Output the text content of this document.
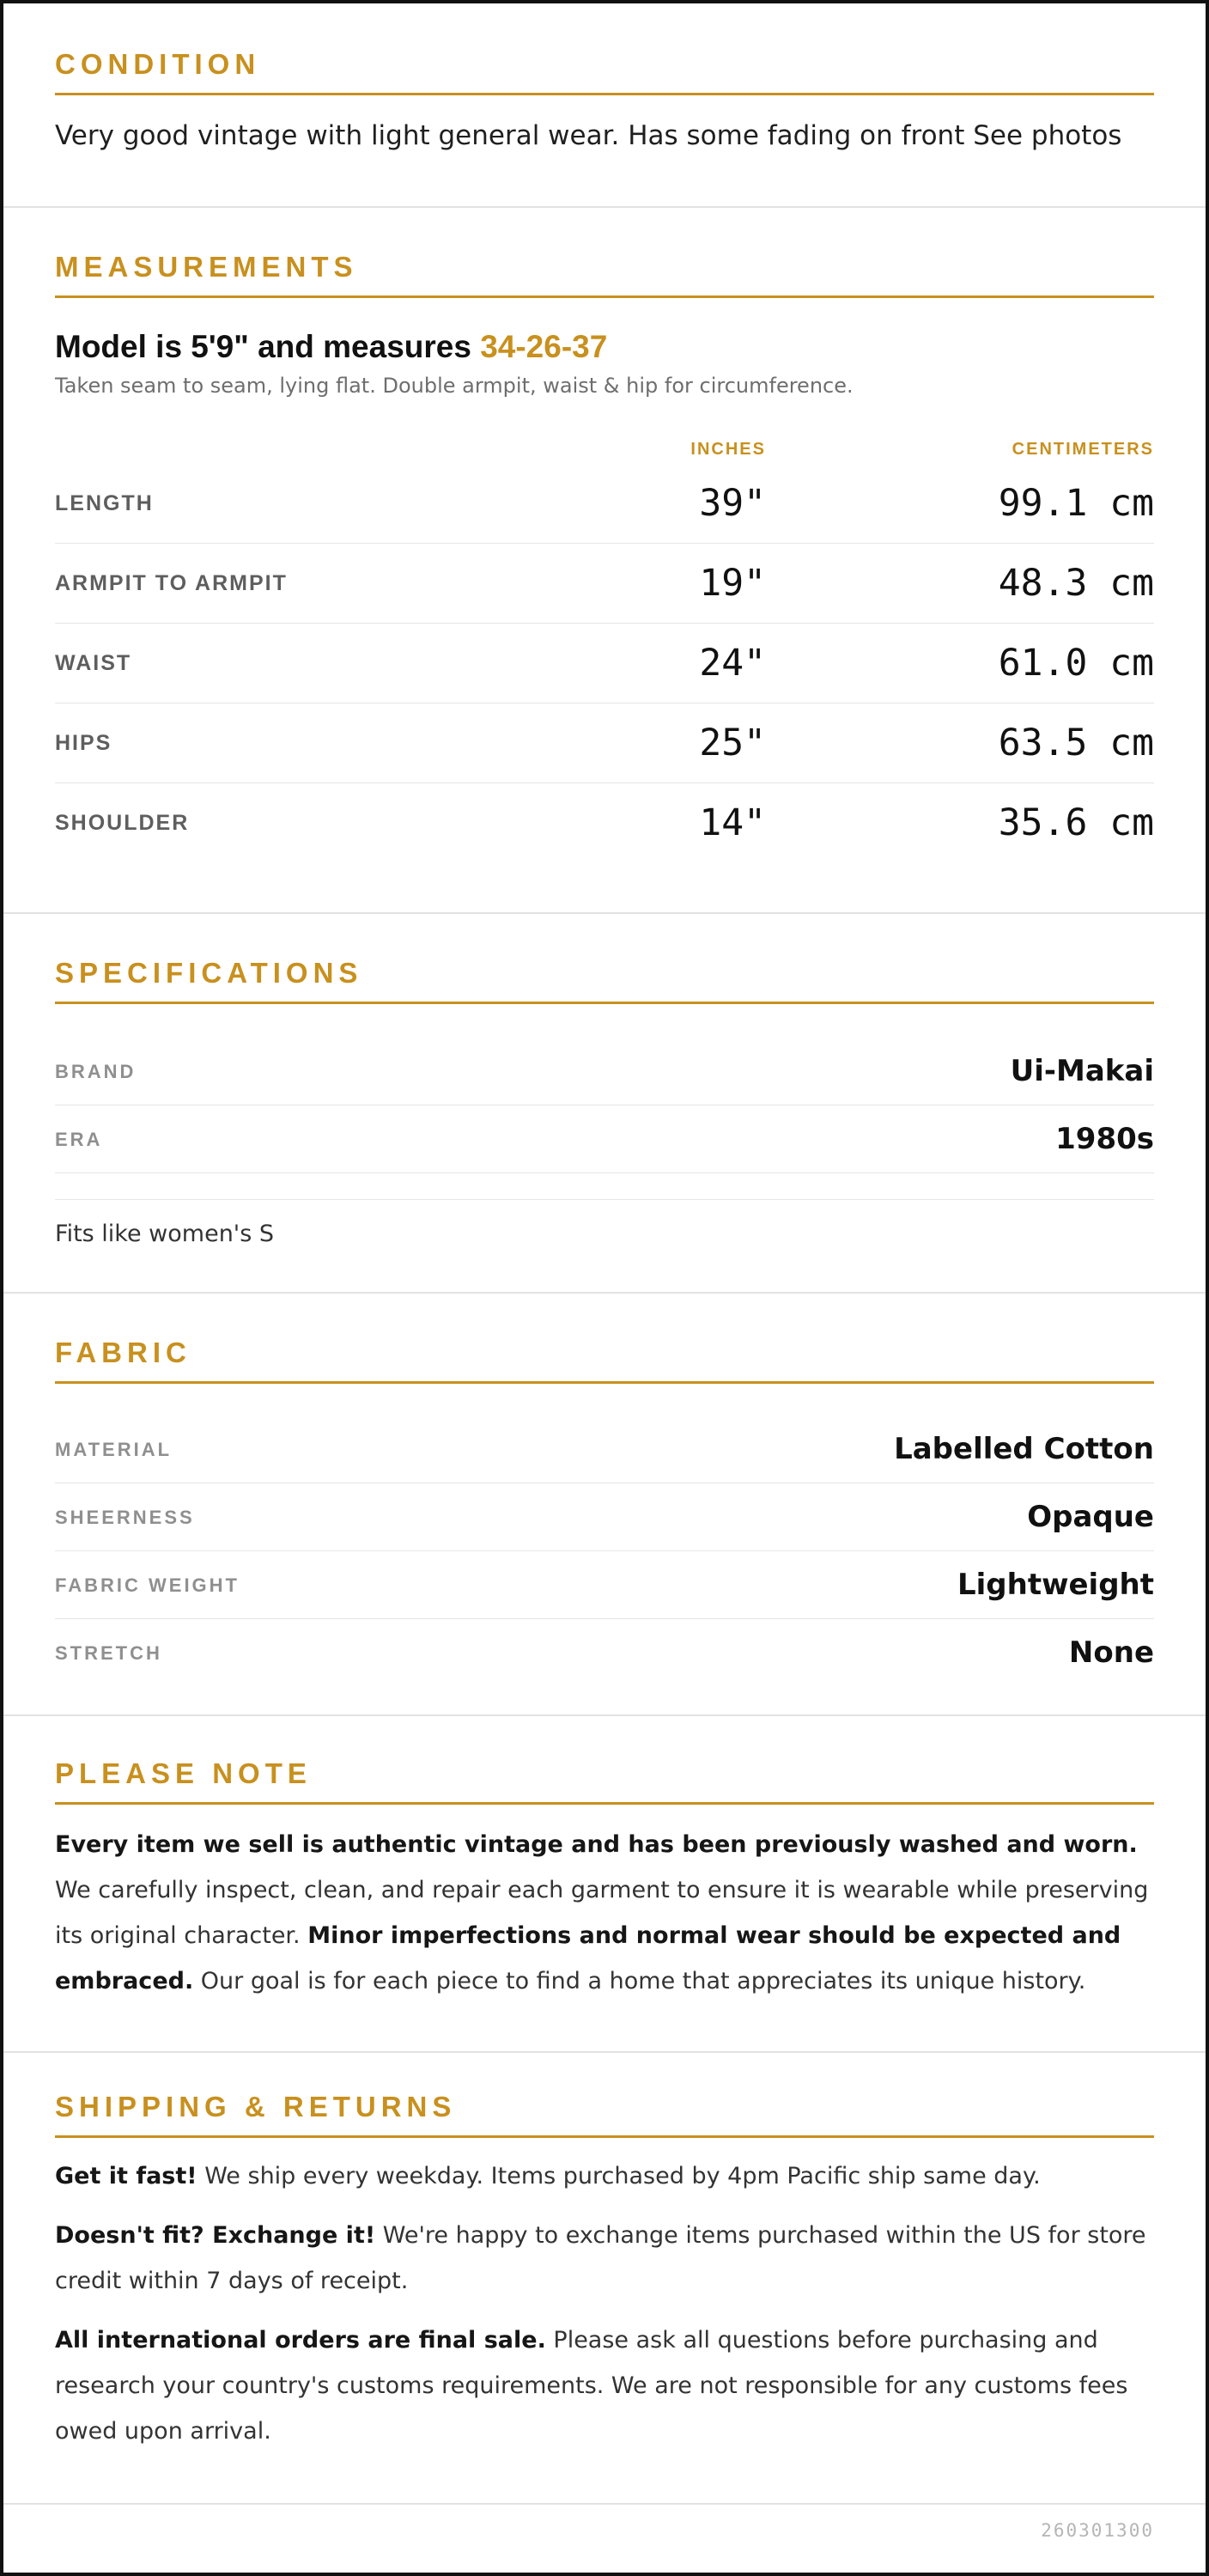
CONDITION
Very good vintage with light general wear. Has some fading on front See photos
MEASUREMENTS
Model is 5'9" and measures 34-26-37
Taken seam to seam, lying flat. Double armpit, waist & hip for circumference.
INCHES	CENTIMETERS
LENGTH	39"	99.1 cm
ARMPIT TO ARMPIT	19"	48.3 cm
WAIST	24"	61.0 cm
HIPS	25"	63.5 cm
SHOULDER	14"	35.6 cm
SPECIFICATIONS
BRAND	Ui-Makai
ERA	1980s
Fits like women's S
FABRIC
MATERIAL	Labelled Cotton
SHEERNESS	Opaque
FABRIC WEIGHT	Lightweight
STRETCH	None
PLEASE NOTE
Every item we sell is authentic vintage and has been previously washed and worn. We carefully inspect, clean, and repair each garment to ensure it is wearable while preserving its original character. Minor imperfections and normal wear should be expected and embraced. Our goal is for each piece to find a home that appreciates its unique history.
SHIPPING & RETURNS
Get it fast! We ship every weekday. Items purchased by 4pm Pacific ship same day.
Doesn't fit? Exchange it! We're happy to exchange items purchased within the US for store credit within 7 days of receipt.
All international orders are final sale. Please ask all questions before purchasing and research your country's customs requirements. We are not responsible for any customs fees owed upon arrival.
260301300
